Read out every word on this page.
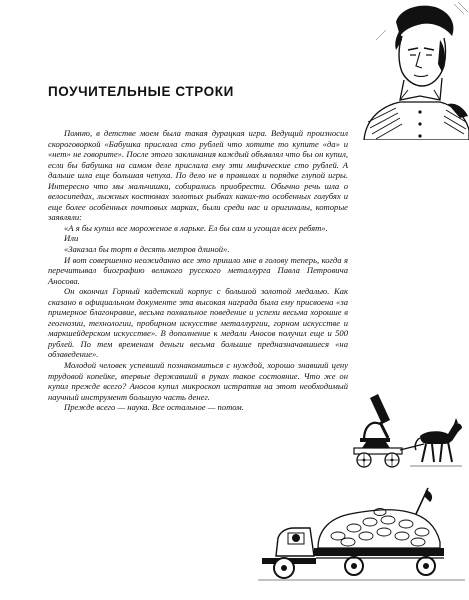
ПОУЧИТЕЛЬНЫЕ СТРОКИ

Помню, в детстве моем была такая дурацкая игра. Ведущий произносил скороговоркой «Бабушка прислала сто рублей что хотите то купите «да» и «нет» не говорите». После этого заклинания каждый объявлял что бы он купил, если бы бабушка на самом деле прислала ему эти мифические сто рублей. А дальше шла еще большая чепуха. По дело не в правилах и порядке глупой игры. Интересно что мы мальчишки, собирались приобрести. Обычно речь шла о велосипедах, лыжных костюмах золотых рыбках каких-то особенных голубях и еще более особенных почтовых марках, были среди нас и оригиналы, которые заявляли:

«А я бы купил все мороженое в ларьке. Ел бы сам и угощал всех ребят».

Или

«Заказал бы торт в десять метров длиной».

И вот совершенно неожиданно все это пришло мне в голову теперь, когда я перечитывал биографию великого русского металлурга Павла Петровича Аносова.

Он окончил Горный кадетский корпус с большой золотой медалью. Как сказано в официальном документе эта высокая награда была ему присвоена «за примерное благонравие, весьма похвальное поведение и успехи весьма хорошие в геогнозии, технологии, пробирном искусстве металлургии, горном искусстве и маркшейдерском искусстве». В дополнение к медали Аносов получил еще и 500 рублей. По тем временам деньги весьма большие предназначавшиеся «на обзаведение».

Молодой человек успевший познакомиться с нуждой, хорошо знавший цену трудовой копейке, впервые державший в руках такое состояние. Что же он купил прежде всего? Аносов купил микроскоп истратив на этот необходимый научный инструмент большую часть денег.

Прежде всего — наука. Все остальное — потом.
